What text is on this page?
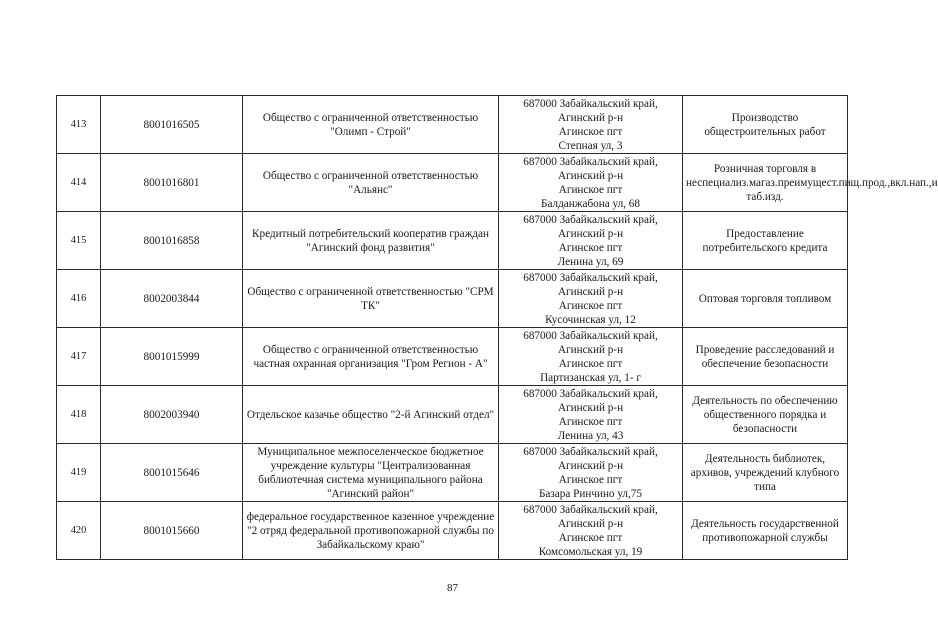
413	8001016505	Общество с ограниченной ответственностью "Олимп - Строй"	687000 Забайкальский край,
Агинский р-н
Агинское пгт
Степная ул, 3	Производство общестроительных работ
414	8001016801	Общество с ограниченной ответственностью "Альянс"	687000 Забайкальский край,
Агинский р-н
Агинское пгт
Балданжабона ул, 68	Розничная торговля в неспециализ.магаз.преимущест.пищ.прод.,вкл.нап.,и таб.изд.
415	8001016858	Кредитный потребительский кооператив граждан "Агинский фонд развития"	687000 Забайкальский край,
Агинский р-н
Агинское пгт
Ленина ул, 69	Предоставление потребительского кредита
416	8002003844	Общество с ограниченной ответственностью "СРМ ТК"	687000 Забайкальский край,
Агинский р-н
Агинское пгт
Кусочинская ул, 12	Оптовая торговля топливом
417	8001015999	Общество с ограниченной ответственностью частная охранная организация "Гром Регион - А"	687000 Забайкальский край,
Агинский р-н
Агинское пгт
Партизанская ул, 1- г	Проведение расследований и обеспечение безопасности
418	8002003940	Отдельское казачье общество "2-й Агинский отдел"	687000 Забайкальский край,
Агинский р-н
Агинское пгт
Ленина ул, 43	Деятельность по обеспечению общественного порядка и безопасности
419	8001015646	Муниципальное межпоселенческое бюджетное учреждение культуры "Централизованная библиотечная система муниципального района "Агинский район"	687000 Забайкальский край,
Агинский р-н
Агинское пгт
Базара Ринчино ул,75	Деятельность библиотек, архивов, учреждений клубного типа
420	8001015660	федеральное государственное казенное учреждение "2 отряд федеральной противопожарной службы по Забайкальскому краю"	687000 Забайкальский край,
Агинский р-н
Агинское пгт
Комсомольская ул, 19	Деятельность государственной противопожарной службы
87
